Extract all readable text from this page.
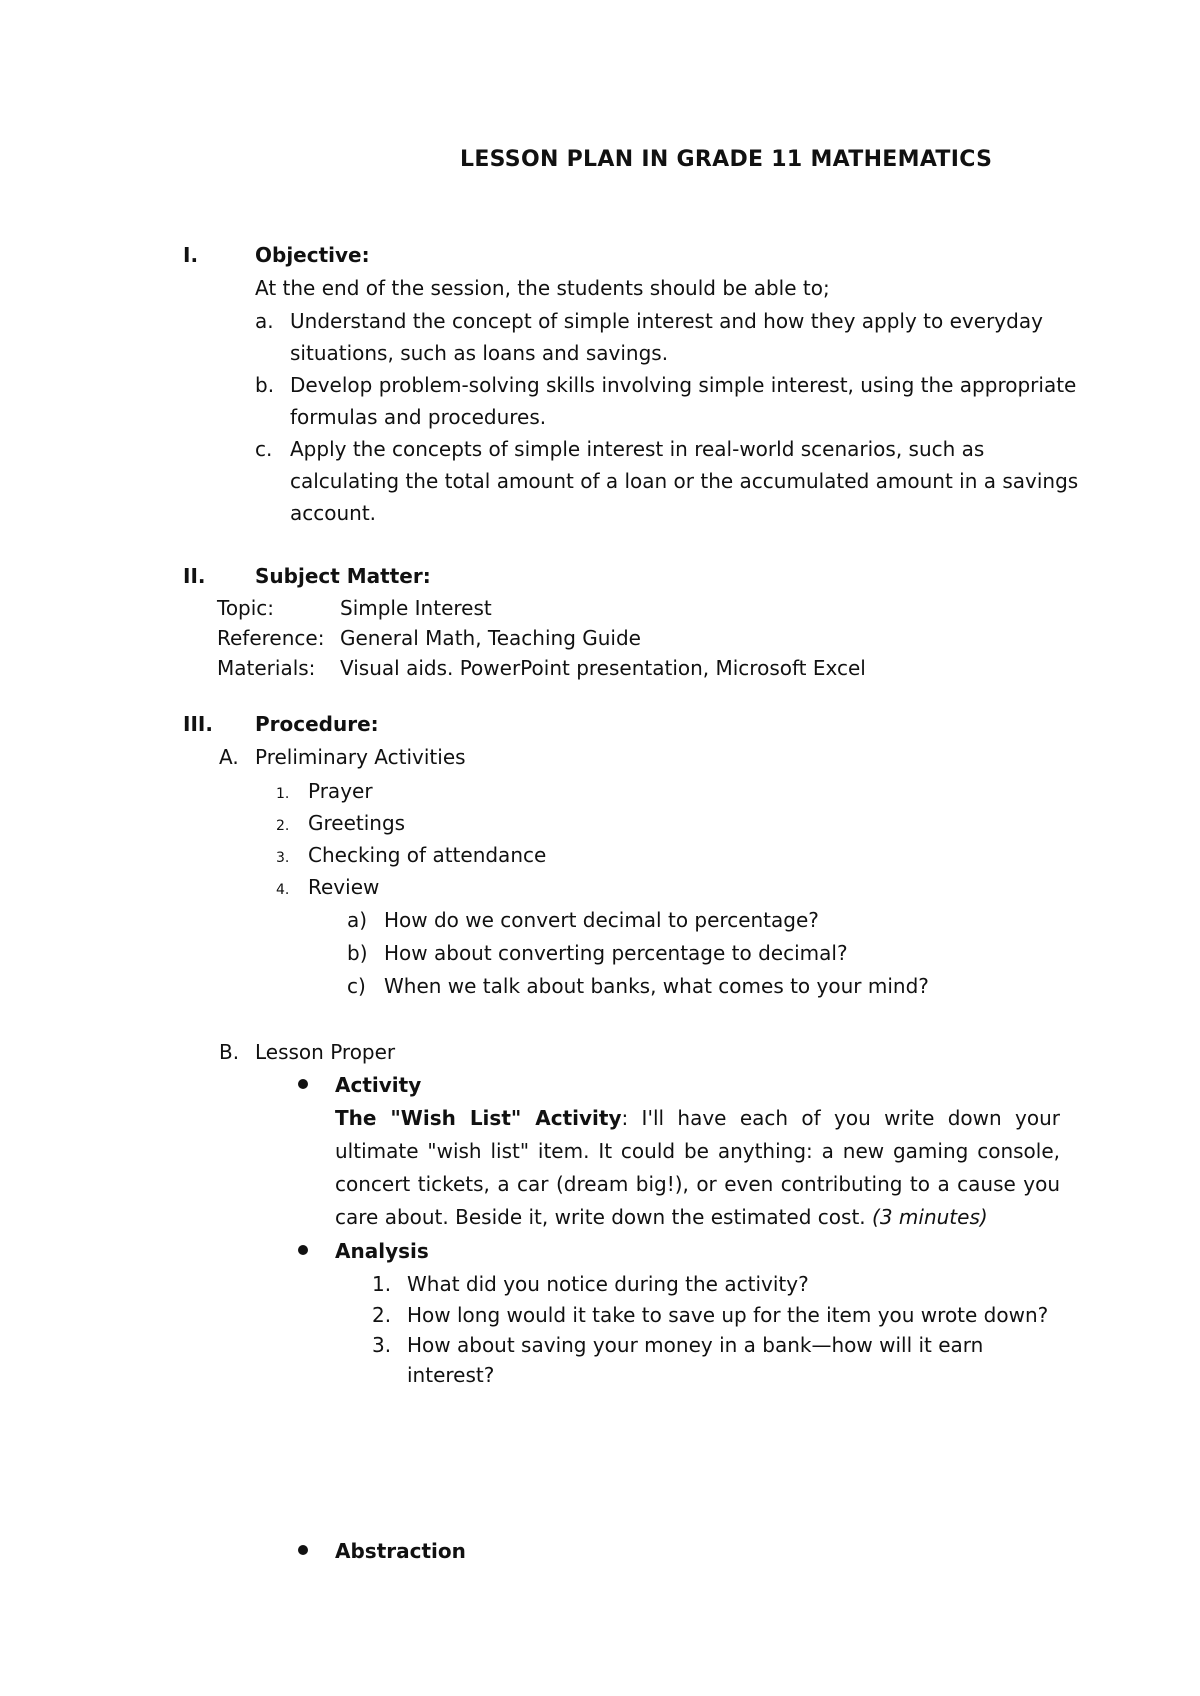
LESSON PLAN IN GRADE 11 MATHEMATICS
I.	Objective:
At the end of the session, the students should be able to;
a. Understand the concept of simple interest and how they apply to everyday
situations, such as loans and savings.
b. Develop problem-solving skills involving simple interest, using the appropriate
formulas and procedures.
c. Apply the concepts of simple interest in real-world scenarios, such as
calculating the total amount of a loan or the accumulated amount in a savings
account.
II. Subject Matter:
Topic:	Simple Interest
Reference: General Math, Teaching Guide
Materials: Visual aids. PowerPoint presentation, Microsoft Excel
III. Procedure:
A. Preliminary Activities
1. Prayer
2. Greetings
3. Checking of attendance
4. Review
a) How do we convert decimal to percentage?
b) How about converting percentage to decimal?
c) When we talk about banks, what comes to your mind?
B. Lesson Proper
Activity
The "Wish List" Activity: I'll have each of you write down your ultimate "wish list" item. It could be anything: a new gaming console, concert tickets, a car (dream big!), or even contributing to a cause you care about. Beside it, write down the estimated cost. (3 minutes)
Analysis
1. What did you notice during the activity?
2. How long would it take to save up for the item you wrote down?
3. How about saving your money in a bank—how will it earn
interest?
Abstraction
